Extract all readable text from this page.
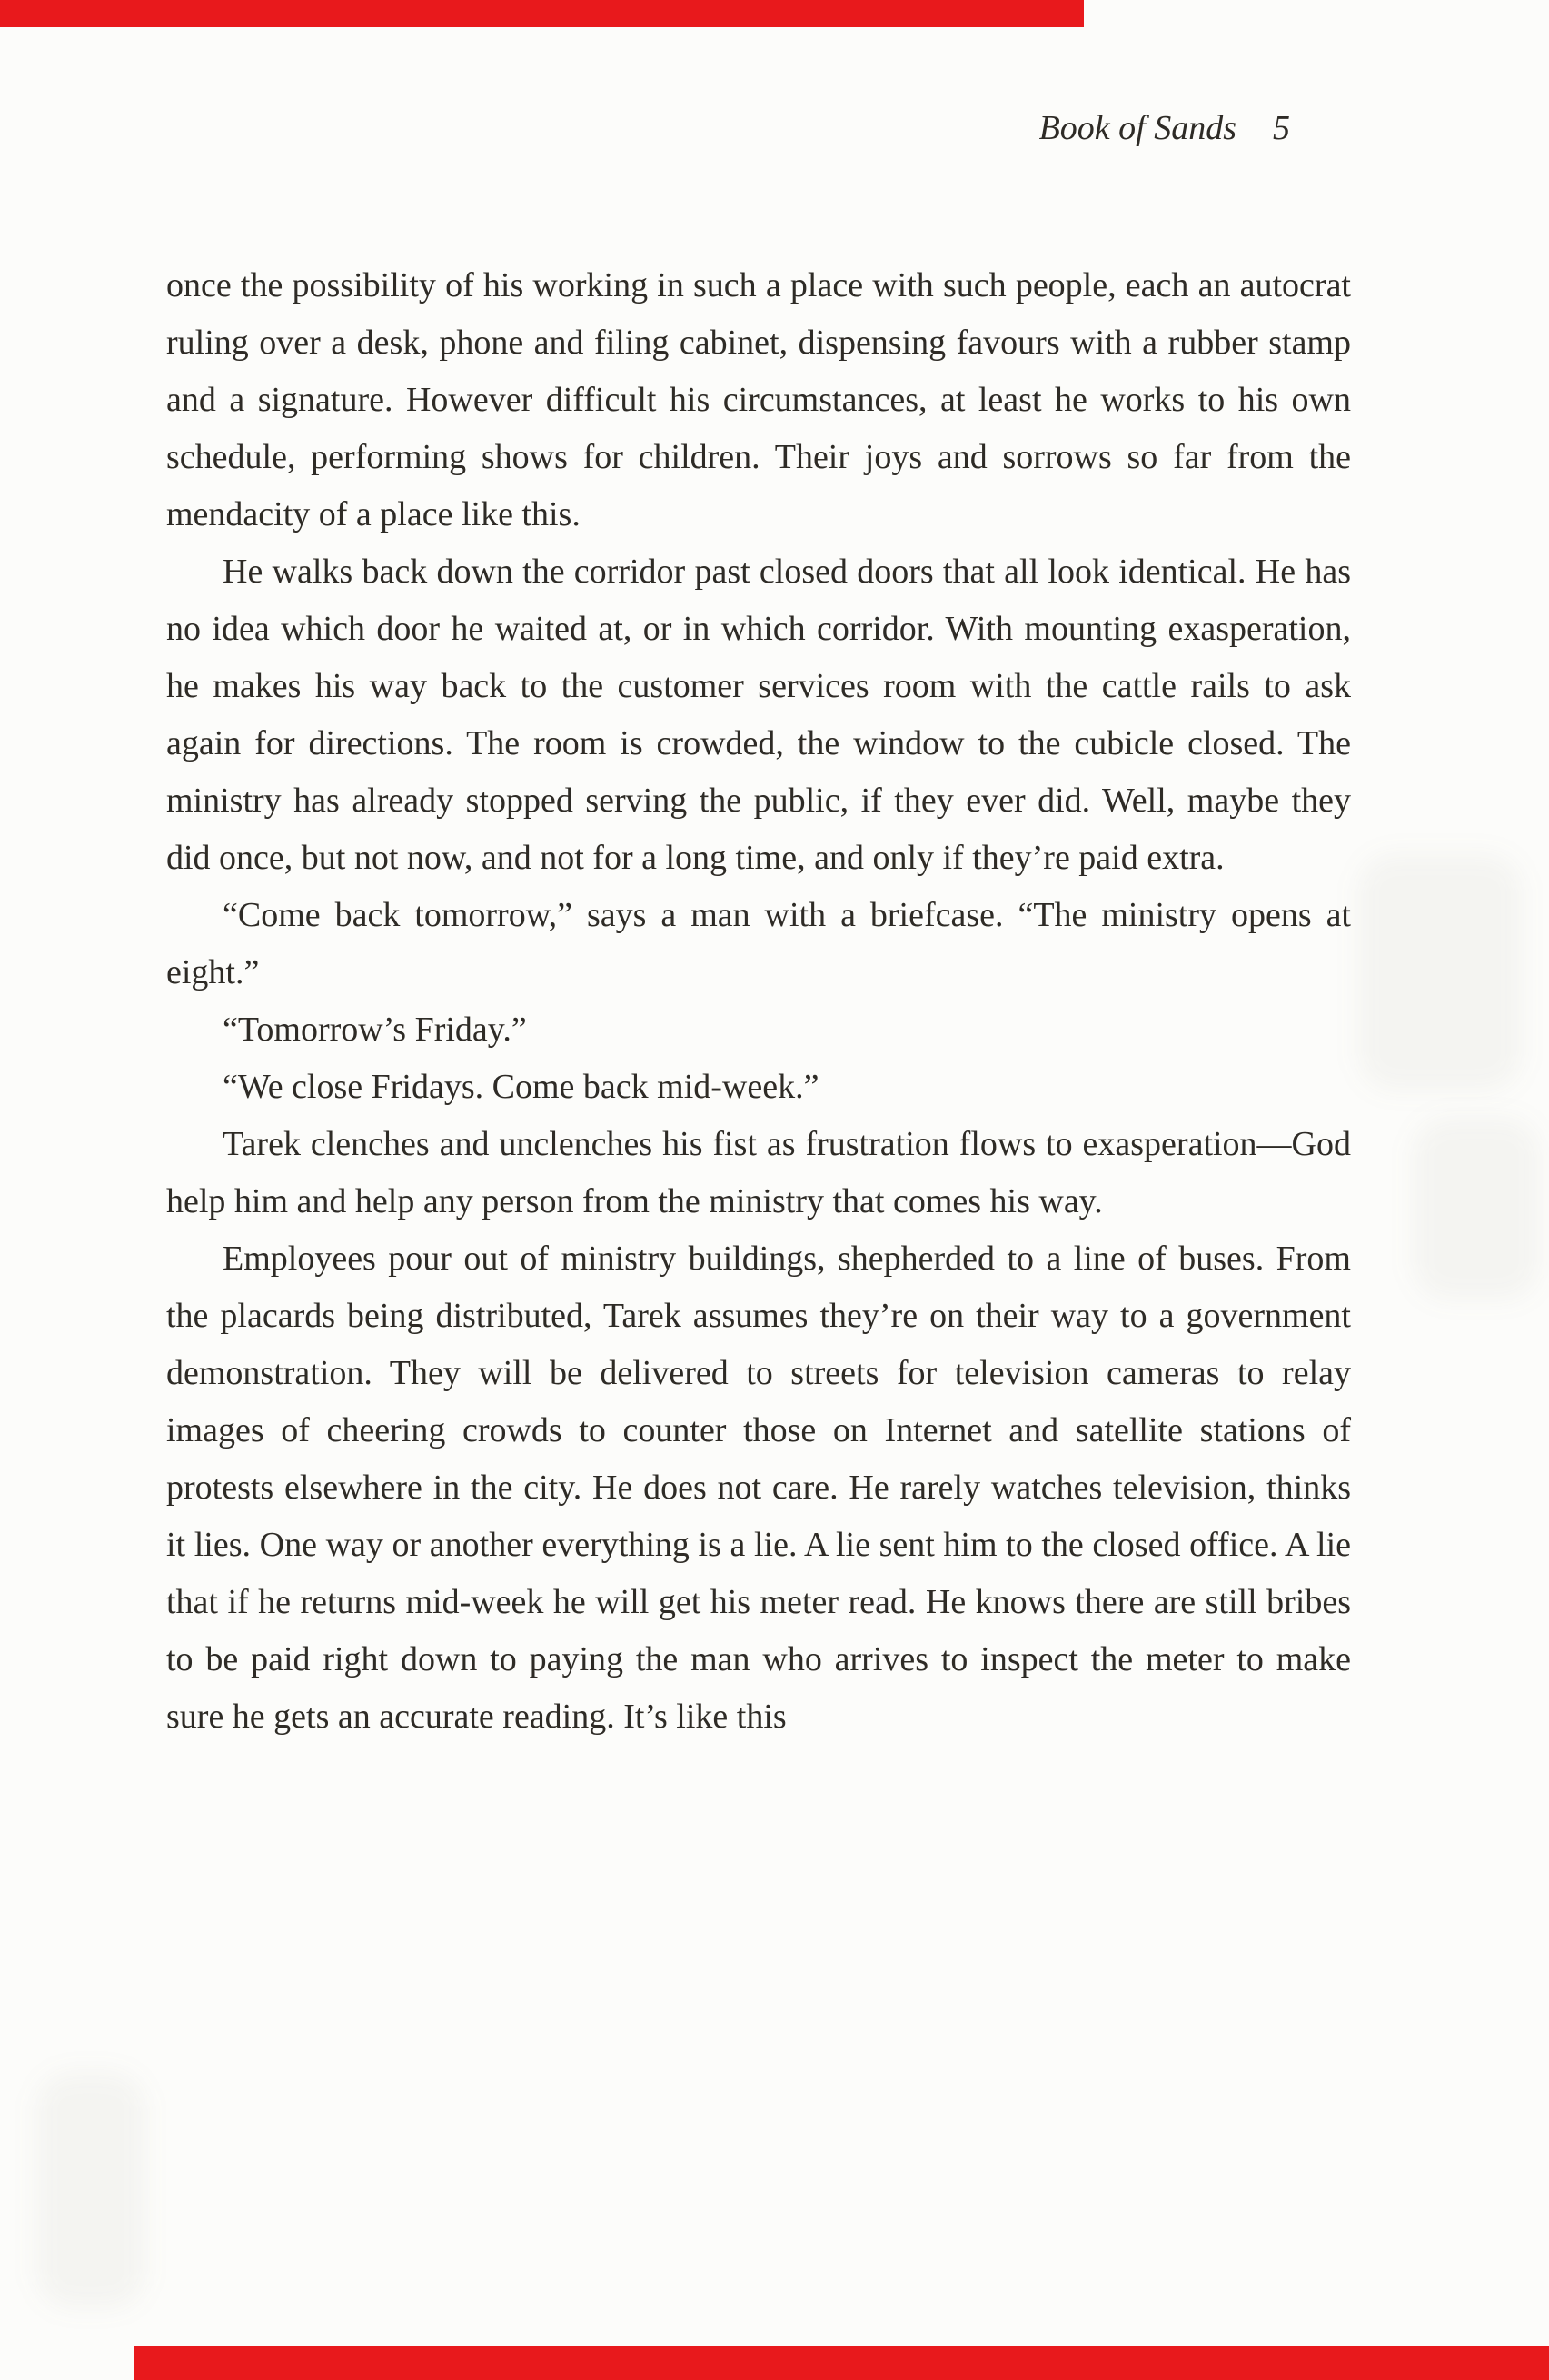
Book of Sands 5

once the possibility of his working in such a place with such people, each an autocrat ruling over a desk, phone and filing cabinet, dispensing favours with a rubber stamp and a signature. However difficult his circumstances, at least he works to his own schedule, performing shows for children. Their joys and sorrows so far from the mendacity of a place like this.

He walks back down the corridor past closed doors that all look identical. He has no idea which door he waited at, or in which corridor. With mounting exasperation, he makes his way back to the customer services room with the cattle rails to ask again for directions. The room is crowded, the window to the cubicle closed. The ministry has already stopped serving the public, if they ever did. Well, maybe they did once, but not now, and not for a long time, and only if they’re paid extra.

“Come back tomorrow,” says a man with a briefcase. “The ministry opens at eight.”

“Tomorrow’s Friday.”

“We close Fridays. Come back mid-week.”

Tarek clenches and unclenches his fist as frustration flows to exasperation—God help him and help any person from the ministry that comes his way.

Employees pour out of ministry buildings, shepherded to a line of buses. From the placards being distributed, Tarek assumes they’re on their way to a government demonstration. They will be delivered to streets for television cameras to relay images of cheering crowds to counter those on Internet and satellite stations of protests elsewhere in the city. He does not care. He rarely watches television, thinks it lies. One way or another everything is a lie. A lie sent him to the closed office. A lie that if he returns mid-week he will get his meter read. He knows there are still bribes to be paid right down to paying the man who arrives to inspect the meter to make sure he gets an accurate reading. It’s like this
